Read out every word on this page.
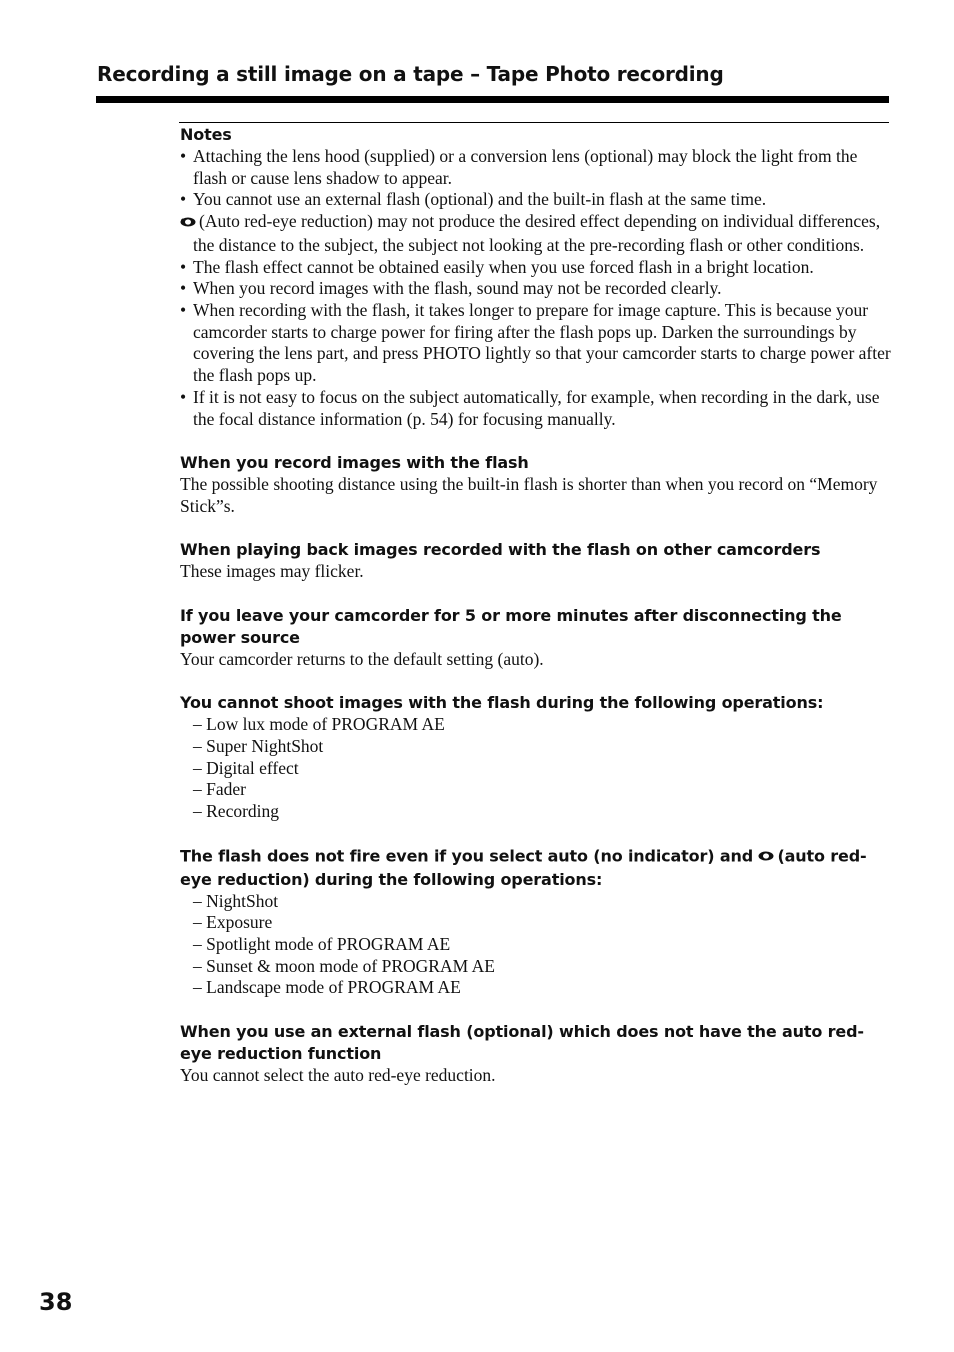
Recording a still image on a tape – Tape Photo recording

Notes

• Attaching the lens hood (supplied) or a conversion lens (optional) may block the light from the flash or cause lens shadow to appear.
• You cannot use an external flash (optional) and the built-in flash at the same time.
(Auto red-eye reduction) may not produce the desired effect depending on individual differences, the distance to the subject, the subject not looking at the pre-recording flash or other conditions.
• The flash effect cannot be obtained easily when you use forced flash in a bright location.
• When you record images with the flash, sound may not be recorded clearly.
• When recording with the flash, it takes longer to prepare for image capture. This is because your camcorder starts to charge power for firing after the flash pops up. Darken the surroundings by covering the lens part, and press PHOTO lightly so that your camcorder starts to charge power after the flash pops up.
• If it is not easy to focus on the subject automatically, for example, when recording in the dark, use the focal distance information (p. 54) for focusing manually.

When you record images with the flash

The possible shooting distance using the built-in flash is shorter than when you record on “Memory Stick”s.

When playing back images recorded with the flash on other camcorders

These images may flicker.

If you leave your camcorder for 5 or more minutes after disconnecting the power source

Your camcorder returns to the default setting (auto).

You cannot shoot images with the flash during the following operations:

– Low lux mode of PROGRAM AE
– Super NightShot
– Digital effect
– Fader
– Recording

The flash does not fire even if you select auto (no indicator) and (auto red-eye reduction) during the following operations:

– NightShot
– Exposure
– Spotlight mode of PROGRAM AE
– Sunset & moon mode of PROGRAM AE
– Landscape mode of PROGRAM AE

When you use an external flash (optional) which does not have the auto red-eye reduction function

You cannot select the auto red-eye reduction.

38
